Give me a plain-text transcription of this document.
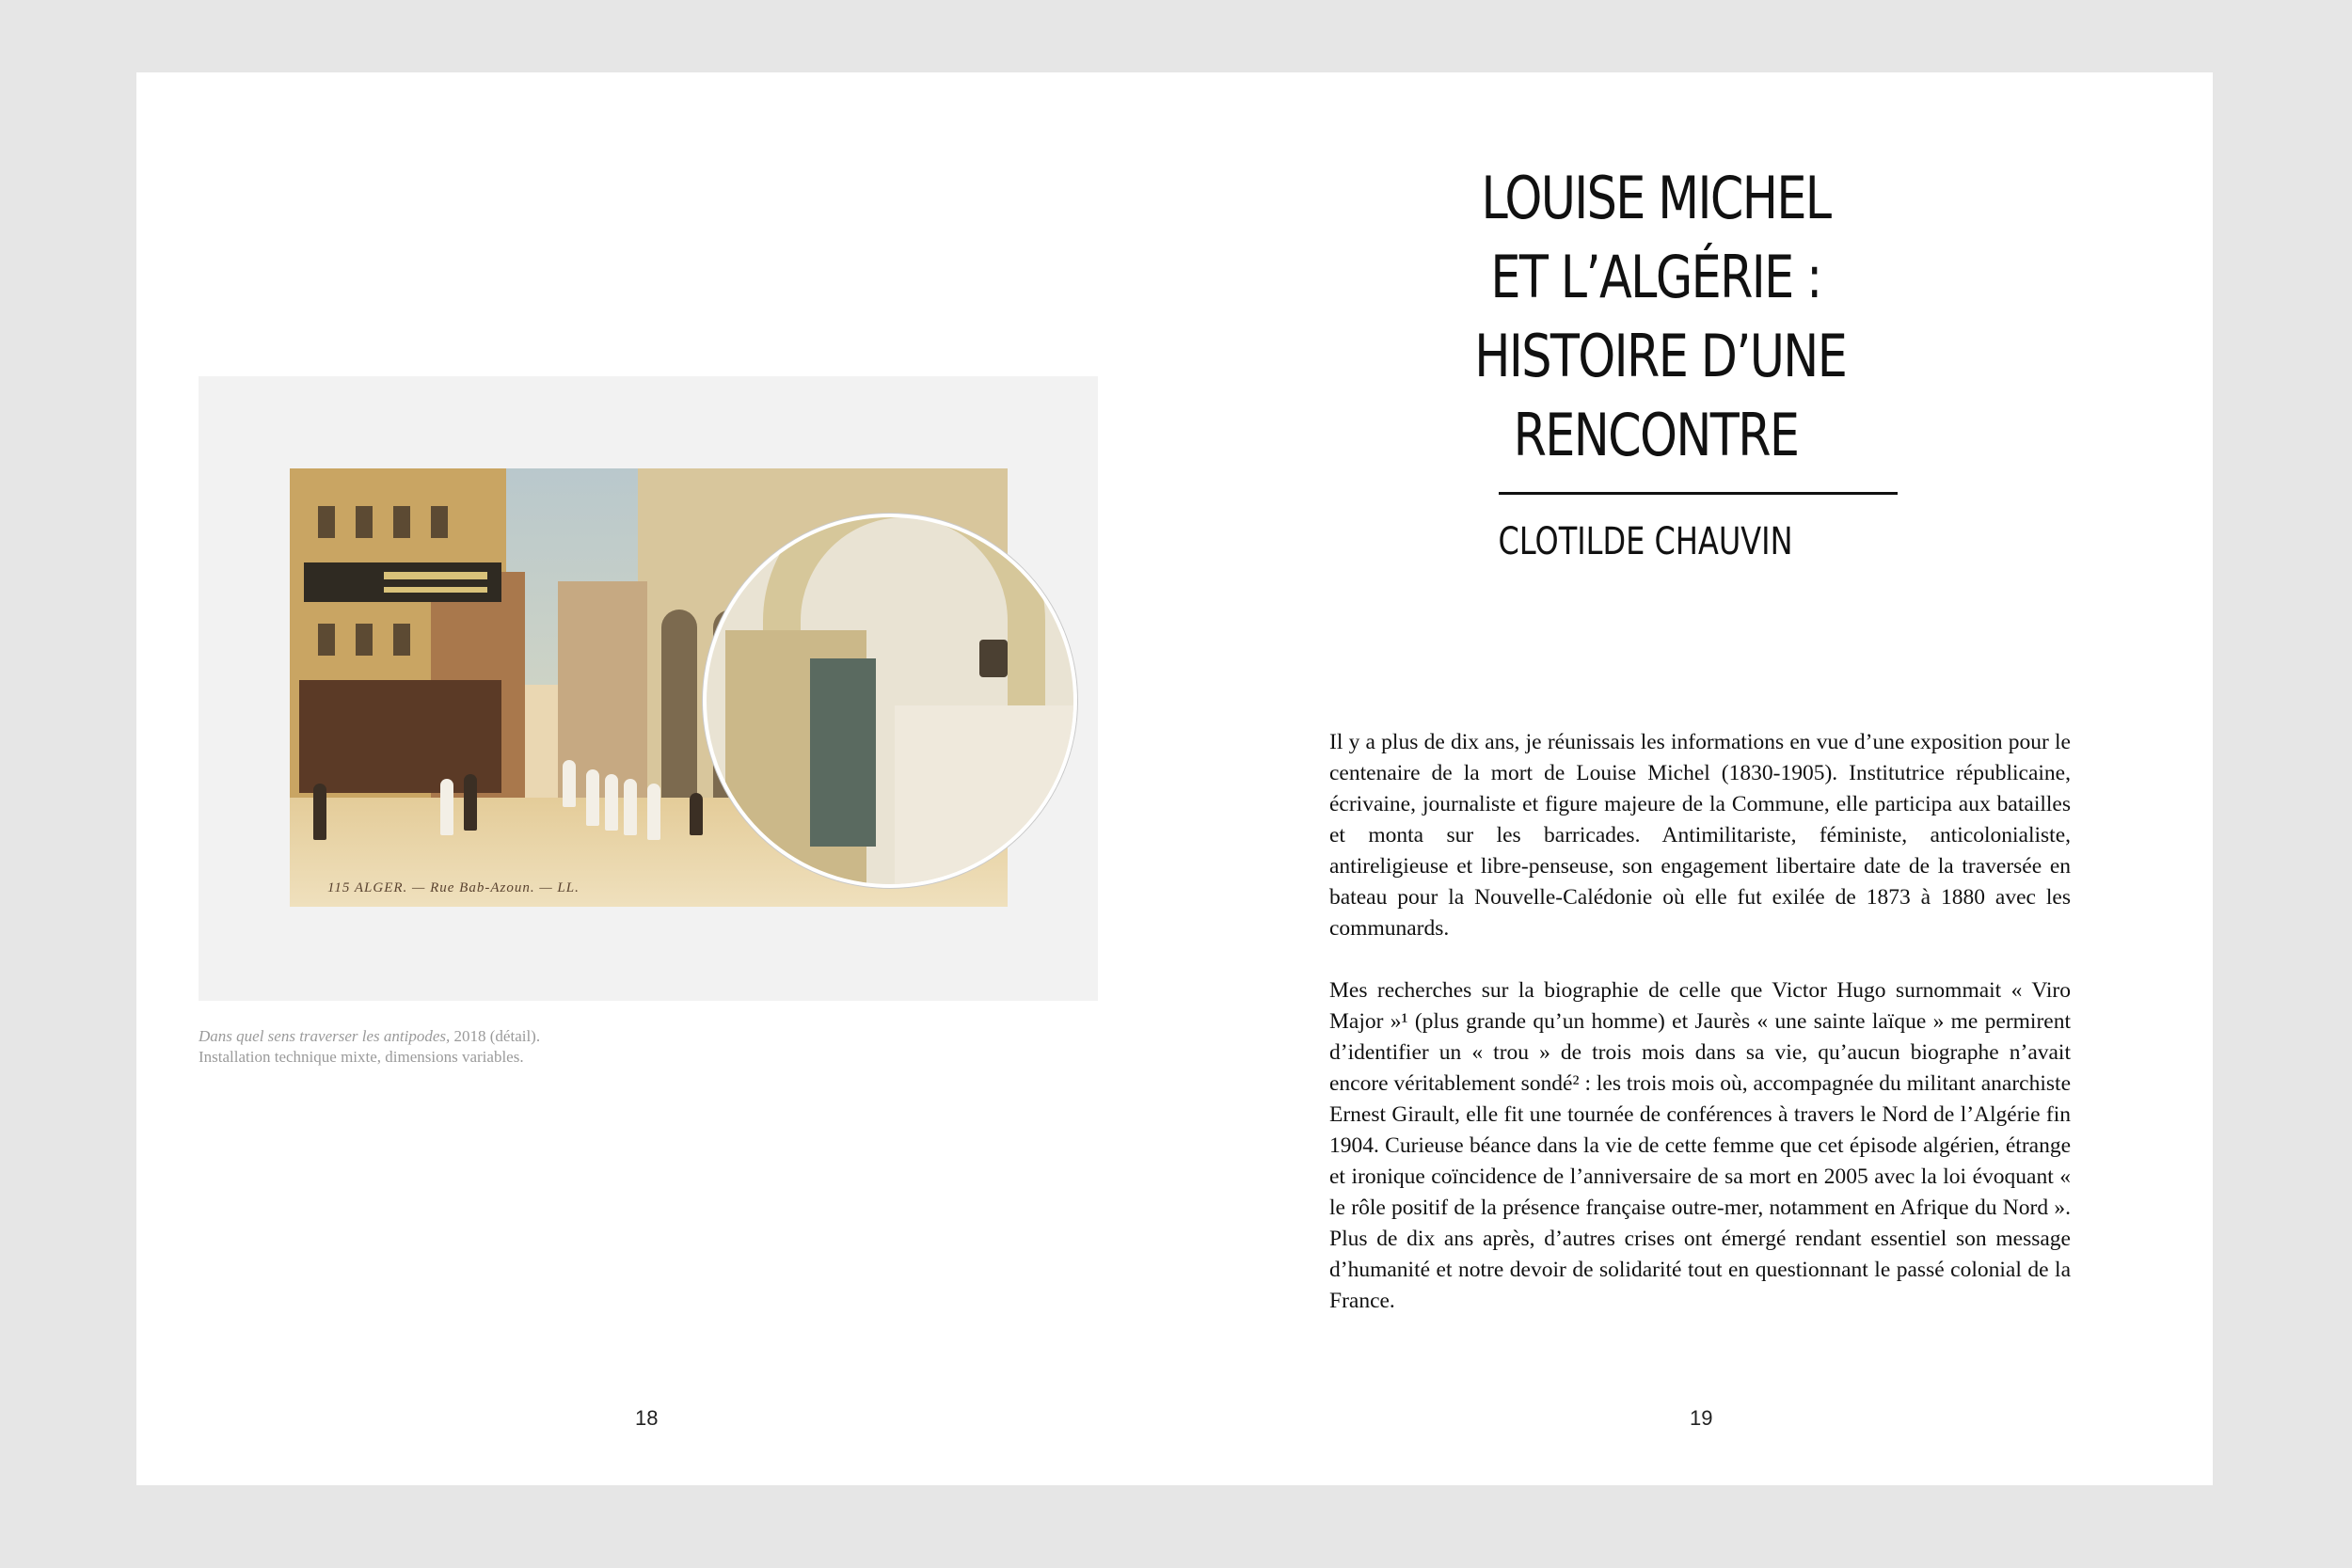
115 ALGER. — Rue Bab-Azoun. — LL.
Dans quel sens traverser les antipodes, 2018 (détail). Installation technique mixte, dimensions variables.
18
LOUISE MICHEL
ET L’ALGÉRIE :
HISTOIRE D’UNE
RENCONTRE
CLOTILDE CHAUVIN

Il y a plus de dix ans, je réunissais les informations en vue d’une exposition pour le centenaire de la mort de Louise Michel (1830-1905). Institutrice républicaine, écrivaine, journaliste et figure majeure de la Commune, elle participa aux batailles et monta sur les barricades. Antimilitariste, féministe, anticolonialiste, antireligieuse et libre-penseuse, son engagement libertaire date de la traversée en bateau pour la Nouvelle-Calédonie où elle fut exilée de 1873 à 1880 avec les communards.

Mes recherches sur la biographie de celle que Victor Hugo surnommait « Viro Major »¹ (plus grande qu’un homme) et Jaurès « une sainte laïque » me permirent d’identifier un « trou » de trois mois dans sa vie, qu’aucun biographe n’avait encore véritablement sondé² : les trois mois où, accompagnée du militant anarchiste Ernest Girault, elle fit une tournée de conférences à travers le Nord de l’Algérie fin 1904. Curieuse béance dans la vie de cette femme que cet épisode algérien, étrange et ironique coïncidence de l’anniversaire de sa mort en 2005 avec la loi évoquant « le rôle positif de la présence française outre-mer, notamment en Afrique du Nord ». Plus de dix ans après, d’autres crises ont émergé rendant essentiel son message d’humanité et notre devoir de solidarité tout en questionnant le passé colonial de la France.

19
